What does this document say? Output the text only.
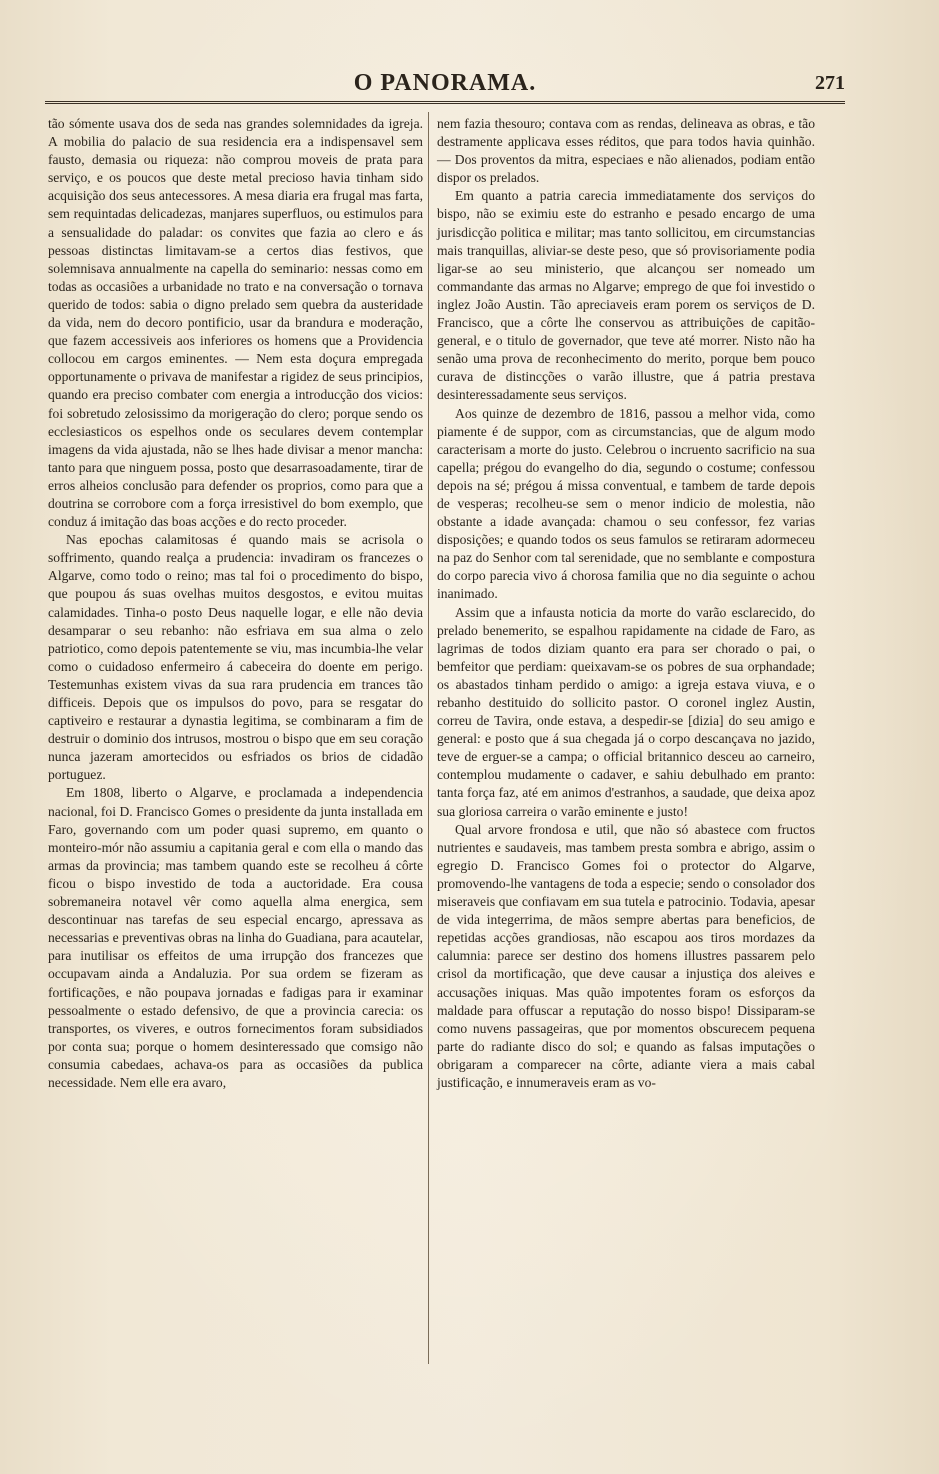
O PANORAMA.	271

tão sómente usava dos de seda nas grandes solemnidades da igreja. A mobilia do palacio de sua residencia era a indispensavel sem fausto, demasia ou riqueza: não comprou moveis de prata para serviço, e os poucos que deste metal precioso havia tinham sido acquisição dos seus antecessores. A mesa diaria era frugal mas farta, sem requintadas delicadezas, manjares superfluos, ou estimulos para a sensualidade do paladar: os convites que fazia ao clero e ás pessoas distinctas limitavam-se a certos dias festivos, que solemnisava annualmente na capella do seminario: nessas como em todas as occasiões a urbanidade no trato e na conversação o tornava querido de todos: sabia o digno prelado sem quebra da austeridade da vida, nem do decoro pontificio, usar da brandura e moderação, que fazem accessiveis aos inferiores os homens que a Providencia collocou em cargos eminentes. — Nem esta doçura empregada opportunamente o privava de manifestar a rigidez de seus principios, quando era preciso combater com energia a introducção dos vicios: foi sobretudo zelosissimo da morigeração do clero; porque sendo os ecclesiasticos os espelhos onde os seculares devem contemplar imagens da vida ajustada, não se lhes hade divisar a menor mancha: tanto para que ninguem possa, posto que desarrasoadamente, tirar de erros alheios conclusão para defender os proprios, como para que a doutrina se corrobore com a força irresistivel do bom exemplo, que conduz á imitação das boas acções e do recto proceder.

Nas epochas calamitosas é quando mais se acrisola o soffrimento, quando realça a prudencia: invadiram os francezes o Algarve, como todo o reino; mas tal foi o procedimento do bispo, que poupou ás suas ovelhas muitos desgostos, e evitou muitas calamidades. Tinha-o posto Deus naquelle logar, e elle não devia desamparar o seu rebanho: não esfriava em sua alma o zelo patriotico, como depois patentemente se viu, mas incumbia-lhe velar como o cuidadoso enfermeiro á cabeceira do doente em perigo. Testemunhas existem vivas da sua rara prudencia em trances tão difficeis. Depois que os impulsos do povo, para se resgatar do captiveiro e restaurar a dynastia legitima, se combinaram a fim de destruir o dominio dos intrusos, mostrou o bispo que em seu coração nunca jazeram amortecidos ou esfriados os brios de cidadão portuguez.

Em 1808, liberto o Algarve, e proclamada a independencia nacional, foi D. Francisco Gomes o presidente da junta installada em Faro, governando com um poder quasi supremo, em quanto o monteiro-mór não assumiu a capitania geral e com ella o mando das armas da provincia; mas tambem quando este se recolheu á côrte ficou o bispo investido de toda a auctoridade. Era cousa sobremaneira notavel vêr como aquella alma energica, sem descontinuar nas tarefas de seu especial encargo, apressava as necessarias e preventivas obras na linha do Guadiana, para acautelar, para inutilisar os effeitos de uma irrupção dos francezes que occupavam ainda a Andaluzia. Por sua ordem se fizeram as fortificações, e não poupava jornadas e fadigas para ir examinar pessoalmente o estado defensivo, de que a provincia carecia: os transportes, os viveres, e outros fornecimentos foram subsidiados por conta sua; porque o homem desinteressado que comsigo não consumia cabedaes, achava-os para as occasiões da publica necessidade. Nem elle era avaro,

nem fazia thesouro; contava com as rendas, delineava as obras, e tão destramente applicava esses réditos, que para todos havia quinhão. — Dos proventos da mitra, especiaes e não alienados, podiam então dispor os prelados.

Em quanto a patria carecia immediatamente dos serviços do bispo, não se eximiu este do estranho e pesado encargo de uma jurisdicção politica e militar; mas tanto sollicitou, em circumstancias mais tranquillas, aliviar-se deste peso, que só provisoriamente podia ligar-se ao seu ministerio, que alcançou ser nomeado um commandante das armas no Algarve; emprego de que foi investido o inglez João Austin. Tão apreciaveis eram porem os serviços de D. Francisco, que a côrte lhe conservou as attribuições de capitão-general, e o titulo de governador, que teve até morrer. Nisto não ha senão uma prova de reconhecimento do merito, porque bem pouco curava de distincções o varão illustre, que á patria prestava desinteressadamente seus serviços.

Aos quinze de dezembro de 1816, passou a melhor vida, como piamente é de suppor, com as circumstancias, que de algum modo caracterisam a morte do justo. Celebrou o incruento sacrificio na sua capella; prégou do evangelho do dia, segundo o costume; confessou depois na sé; prégou á missa conventual, e tambem de tarde depois de vesperas; recolheu-se sem o menor indicio de molestia, não obstante a idade avançada: chamou o seu confessor, fez varias disposições; e quando todos os seus famulos se retiraram adormeceu na paz do Senhor com tal serenidade, que no semblante e compostura do corpo parecia vivo á chorosa familia que no dia seguinte o achou inanimado.

Assim que a infausta noticia da morte do varão esclarecido, do prelado benemerito, se espalhou rapidamente na cidade de Faro, as lagrimas de todos diziam quanto era para ser chorado o pai, o bemfeitor que perdiam: queixavam-se os pobres de sua orphandade; os abastados tinham perdido o amigo: a igreja estava viuva, e o rebanho destituido do sollicito pastor. O coronel inglez Austin, correu de Tavira, onde estava, a despedir-se [dizia] do seu amigo e general: e posto que á sua chegada já o corpo descançava no jazido, teve de erguer-se a campa; o official britannico desceu ao carneiro, contemplou mudamente o cadaver, e sahiu debulhado em pranto: tanta força faz, até em animos d'estranhos, a saudade, que deixa apoz sua gloriosa carreira o varão eminente e justo!

Qual arvore frondosa e util, que não só abastece com fructos nutrientes e saudaveis, mas tambem presta sombra e abrigo, assim o egregio D. Francisco Gomes foi o protector do Algarve, promovendo-lhe vantagens de toda a especie; sendo o consolador dos miseraveis que confiavam em sua tutela e patrocinio. Todavia, apesar de vida integerrima, de mãos sempre abertas para beneficios, de repetidas acções grandiosas, não escapou aos tiros mordazes da calumnia: parece ser destino dos homens illustres passarem pelo crisol da mortificação, que deve causar a injustiça dos aleives e accusações iniquas. Mas quão impotentes foram os esforços da maldade para offuscar a reputação do nosso bispo! Dissiparam-se como nuvens passageiras, que por momentos obscurecem pequena parte do radiante disco do sol; e quando as falsas imputações o obrigaram a comparecer na côrte, adiante viera a mais cabal justificação, e innumeraveis eram as vo-
